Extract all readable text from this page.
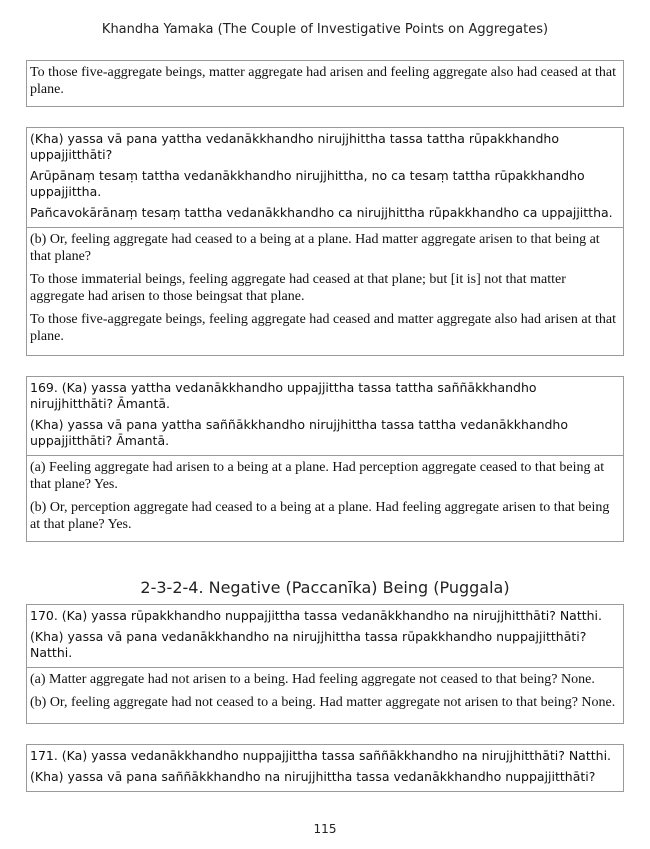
Khandha Yamaka (The Couple of Investigative Points on Aggregates)

To those five-aggregate beings, matter aggregate had arisen and feeling aggregate also had ceased at that plane.

(Kha) yassa vā pana yattha vedanākkhandho nirujjhittha tassa tattha rūpakkhandho uppajjitthāti?

Arūpānaṃ tesaṃ tattha vedanākkhandho nirujjhittha, no ca tesaṃ tattha rūpakkhandho uppajjittha.

Pañcavokārānaṃ tesaṃ tattha vedanākkhandho ca nirujjhittha rūpakkhandho ca uppajjittha.

(b) Or, feeling aggregate had ceased to a being at a plane. Had matter aggregate arisen to that being at that plane?

To those immaterial beings, feeling aggregate had ceased at that plane; but [it is] not that matter aggregate had arisen to those beingsat that plane.

To those five-aggregate beings, feeling aggregate had ceased and matter aggregate also had arisen at that plane.

169. (Ka) yassa yattha vedanākkhandho uppajjittha tassa tattha saññākkhandho nirujjhitthāti? Āmantā.

(Kha) yassa vā pana yattha saññākkhandho nirujjhittha tassa tattha vedanākkhandho uppajjitthāti? Āmantā.

(a) Feeling aggregate had arisen to a being at a plane. Had perception aggregate ceased to that being at that plane? Yes.

(b) Or, perception aggregate had ceased to a being at a plane. Had feeling aggregate arisen to that being at that plane? Yes.

2-3-2-4. Negative (Paccanīka) Being (Puggala)

170. (Ka) yassa rūpakkhandho nuppajjittha tassa vedanākkhandho na nirujjhitthāti? Natthi.

(Kha) yassa vā pana vedanākkhandho na nirujjhittha tassa rūpakkhandho nuppajjitthāti? Natthi.

(a) Matter aggregate had not arisen to a being. Had feeling aggregate not ceased to that being? None.

(b) Or, feeling aggregate had not ceased to a being. Had matter aggregate not arisen to that being? None.

171. (Ka) yassa vedanākkhandho nuppajjittha tassa saññākkhandho na nirujjhitthāti? Natthi.

(Kha) yassa vā pana saññākkhandho na nirujjhittha tassa vedanākkhandho nuppajjitthāti?

115
